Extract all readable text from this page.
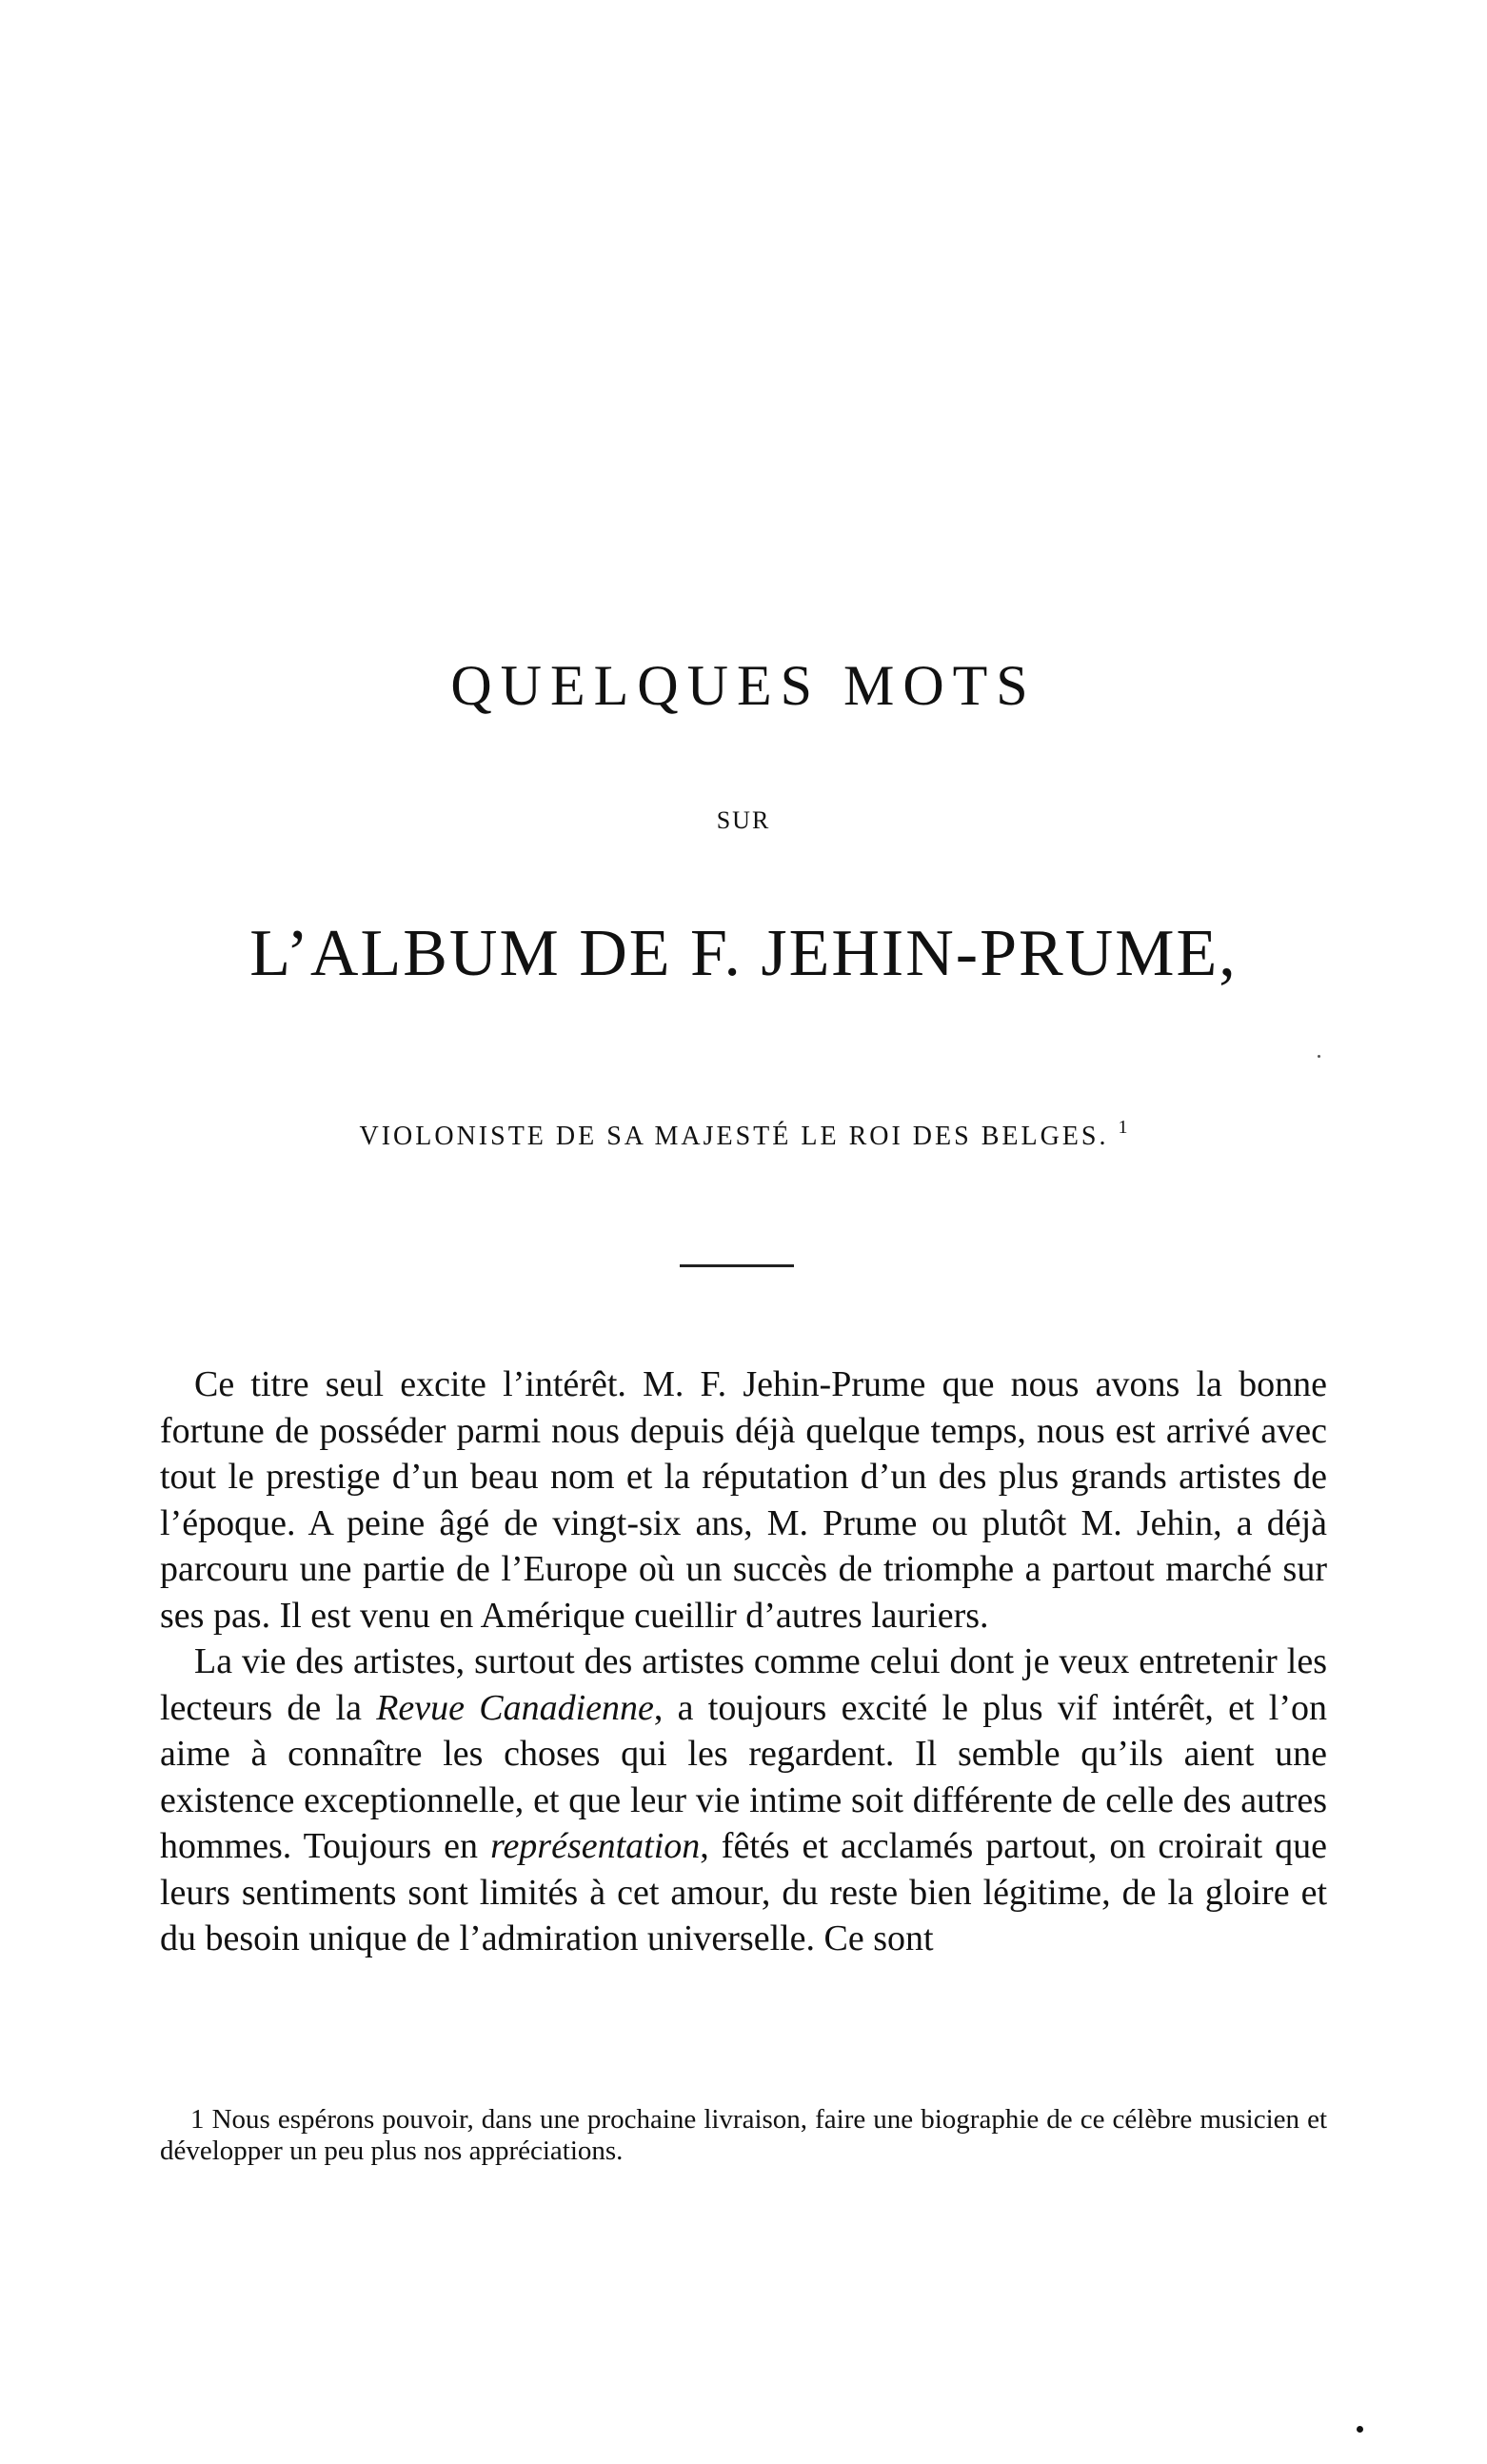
QUELQUES MOTS
SUR
L’ALBUM DE F. JEHIN-PRUME,
VIOLONISTE DE SA MAJESTÉ LE ROI DES BELGES. $^1$

Ce titre seul excite l’intérêt. M. F. Jehin-Prume que nous avons la bonne fortune de posséder parmi nous depuis déjà quelque temps, nous est arrivé avec tout le prestige d’un beau nom et la réputation d’un des plus grands artistes de l’époque. A peine âgé de vingt-six ans, M. Prume ou plutôt M. Jehin, a déjà parcouru une partie de l’Europe où un succès de triomphe a partout marché sur ses pas. Il est venu en Amérique cueillir d’autres lauriers.

La vie des artistes, surtout des artistes comme celui dont je veux entretenir les lecteurs de la Revue Canadienne, a toujours excité le plus vif intérêt, et l’on aime à connaître les choses qui les regardent. Il semble qu’ils aient une existence exceptionnelle, et que leur vie intime soit différente de celle des autres hommes. Toujours en représentation, fêtés et acclamés partout, on croirait que leurs sentiments sont limités à cet amour, du reste bien légitime, de la gloire et du besoin unique de l’admiration universelle. Ce sont

1 Nous espérons pouvoir, dans une prochaine livraison, faire une biographie de ce célèbre musicien et développer un peu plus nos appréciations.
